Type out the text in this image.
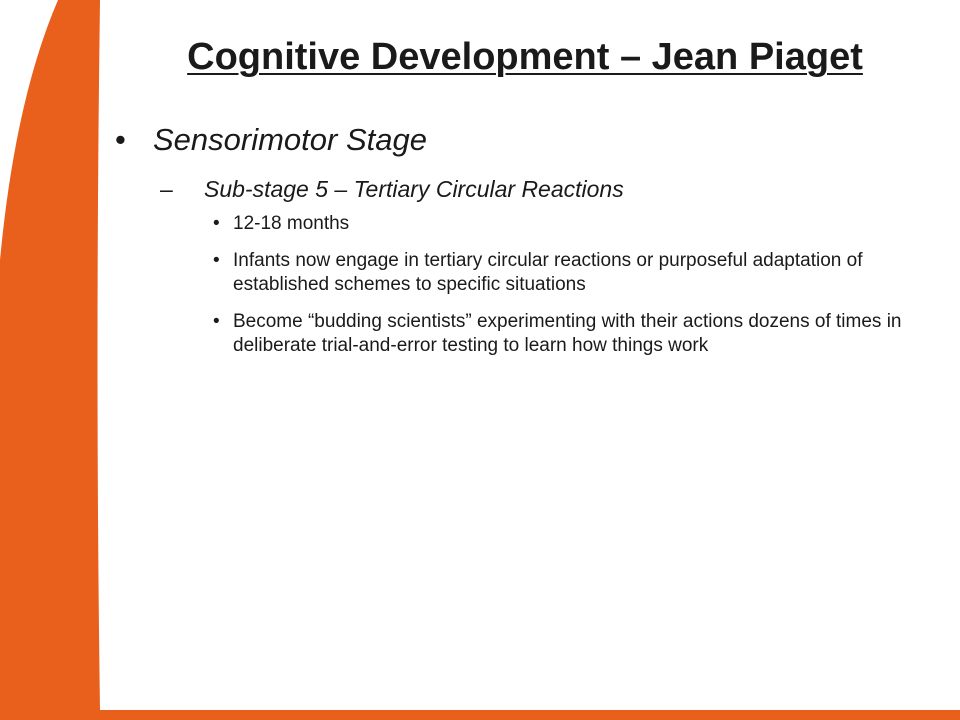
Cognitive Development – Jean Piaget
• Sensorimotor Stage
– Sub-stage 5 – Tertiary Circular Reactions
• 12-18 months
• Infants now engage in tertiary circular reactions or purposeful adaptation of established schemes to specific situations
• Become “budding scientists” experimenting with their actions dozens of times in deliberate trial-and-error testing to learn how things work
